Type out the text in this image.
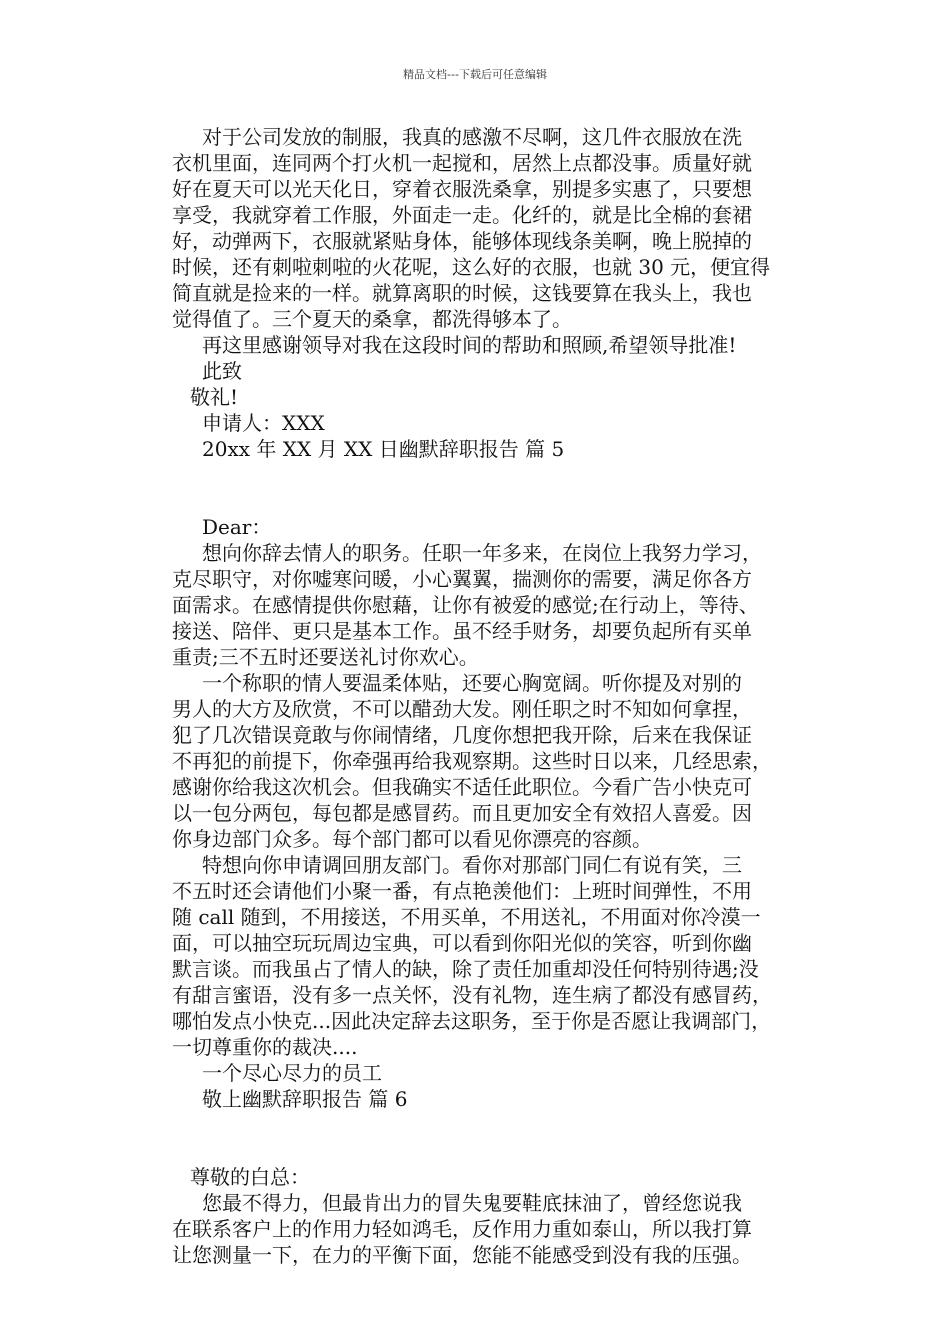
精品文档---下载后可任意编辑
对于公司发放的制服，我真的感激不尽啊，这几件衣服放在洗
衣机里面，连同两个打火机一起搅和，居然上点都没事。质量好就
好在夏天可以光天化日，穿着衣服洗桑拿，别提多实惠了，只要想
享受，我就穿着工作服，外面走一走。化纤的，就是比全棉的套裙
好，动弹两下，衣服就紧贴身体，能够体现线条美啊，晚上脱掉的
时候，还有刺啦刺啦的火花呢，这么好的衣服，也就 30 元，便宜得
简直就是捡来的一样。就算离职的时候，这钱要算在我头上，我也
觉得值了。三个夏天的桑拿，都洗得够本了。
再这里感谢领导对我在这段时间的帮助和照顾,希望领导批准!
此致
敬礼!
申请人：XXX
20xx 年 XX 月 XX 日幽默辞职报告 篇 5
Dear：
想向你辞去情人的职务。任职一年多来，在岗位上我努力学习，
克尽职守，对你嘘寒问暖，小心翼翼，揣测你的需要，满足你各方
面需求。在感情提供你慰藉，让你有被爱的感觉;在行动上，等待、
接送、陪伴、更只是基本工作。虽不经手财务，却要负起所有买单
重责;三不五时还要送礼讨你欢心。
一个称职的情人要温柔体贴，还要心胸宽阔。听你提及对别的
男人的大方及欣赏，不可以醋劲大发。刚任职之时不知如何拿捏，
犯了几次错误竟敢与你闹情绪，几度你想把我开除，后来在我保证
不再犯的前提下，你牵强再给我观察期。这些时日以来，几经思索，
感谢你给我这次机会。但我确实不适任此职位。今看广告小快克可
以一包分两包，每包都是感冒药。而且更加安全有效招人喜爱。因
你身边部门众多。每个部门都可以看见你漂亮的容颜。
特想向你申请调回朋友部门。看你对那部门同仁有说有笑，三
不五时还会请他们小聚一番，有点艳羡他们：上班时间弹性，不用
随 call 随到，不用接送，不用买单，不用送礼，不用面对你冷漠一
面，可以抽空玩玩周边宝典，可以看到你阳光似的笑容，听到你幽
默言谈。而我虽占了情人的缺，除了责任加重却没任何特别待遇;没
有甜言蜜语，没有多一点关怀，没有礼物，连生病了都没有感冒药，
哪怕发点小快克...因此决定辞去这职务，至于你是否愿让我调部门，
一切尊重你的裁决....
一个尽心尽力的员工
敬上幽默辞职报告 篇 6
尊敬的白总：
您最不得力，但最肯出力的冒失鬼要鞋底抹油了，曾经您说我
在联系客户上的作用力轻如鸿毛，反作用力重如泰山，所以我打算
让您测量一下，在力的平衡下面，您能不能感受到没有我的压强。
